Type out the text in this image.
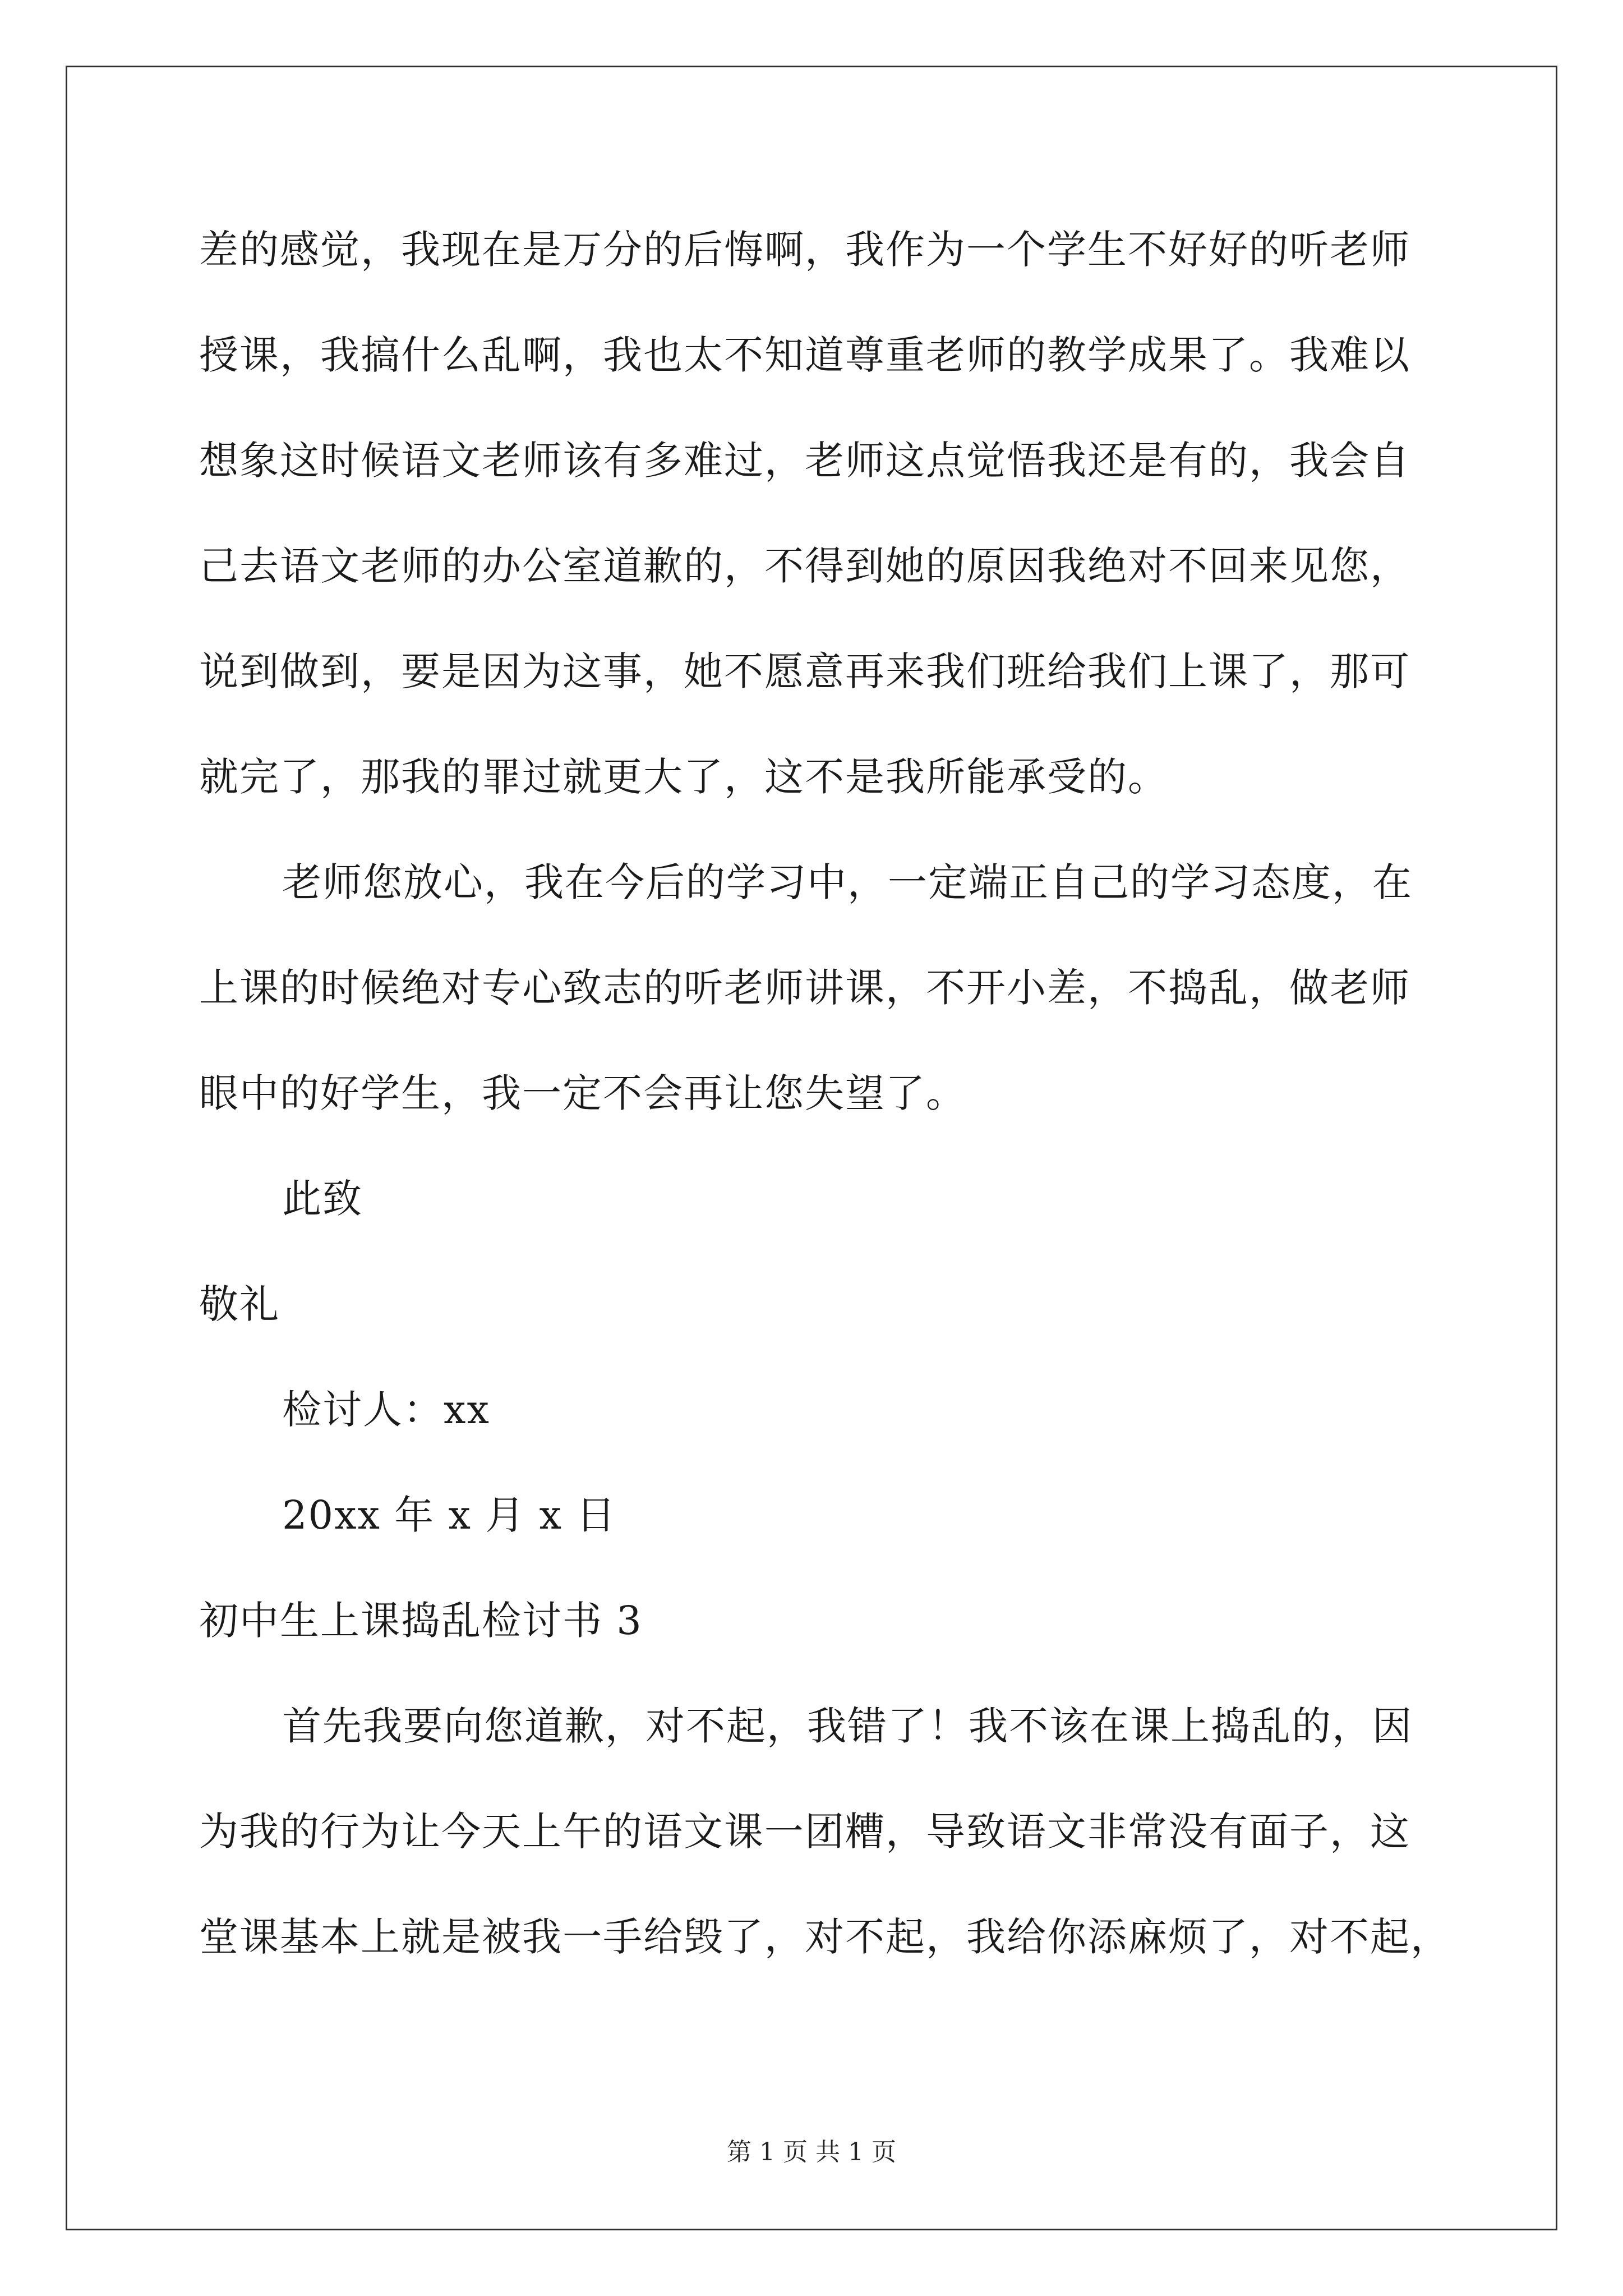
差的感觉，我现在是万分的后悔啊，我作为一个学生不好好的听老师
授课，我搞什么乱啊，我也太不知道尊重老师的教学成果了。我难以
想象这时候语文老师该有多难过，老师这点觉悟我还是有的，我会自
己去语文老师的办公室道歉的，不得到她的原因我绝对不回来见您，
说到做到，要是因为这事，她不愿意再来我们班给我们上课了，那可
就完了，那我的罪过就更大了，这不是我所能承受的。
老师您放心，我在今后的学习中，一定端正自己的学习态度，在
上课的时候绝对专心致志的听老师讲课，不开小差，不捣乱，做老师
眼中的好学生，我一定不会再让您失望了。
此致
敬礼
检讨人：xx
20xx 年 x 月 x 日
初中生上课捣乱检讨书 3
首先我要向您道歉，对不起，我错了！我不该在课上捣乱的，因
为我的行为让今天上午的语文课一团糟，导致语文非常没有面子，这
堂课基本上就是被我一手给毁了，对不起，我给你添麻烦了，对不起，
第 1 页 共 1 页
